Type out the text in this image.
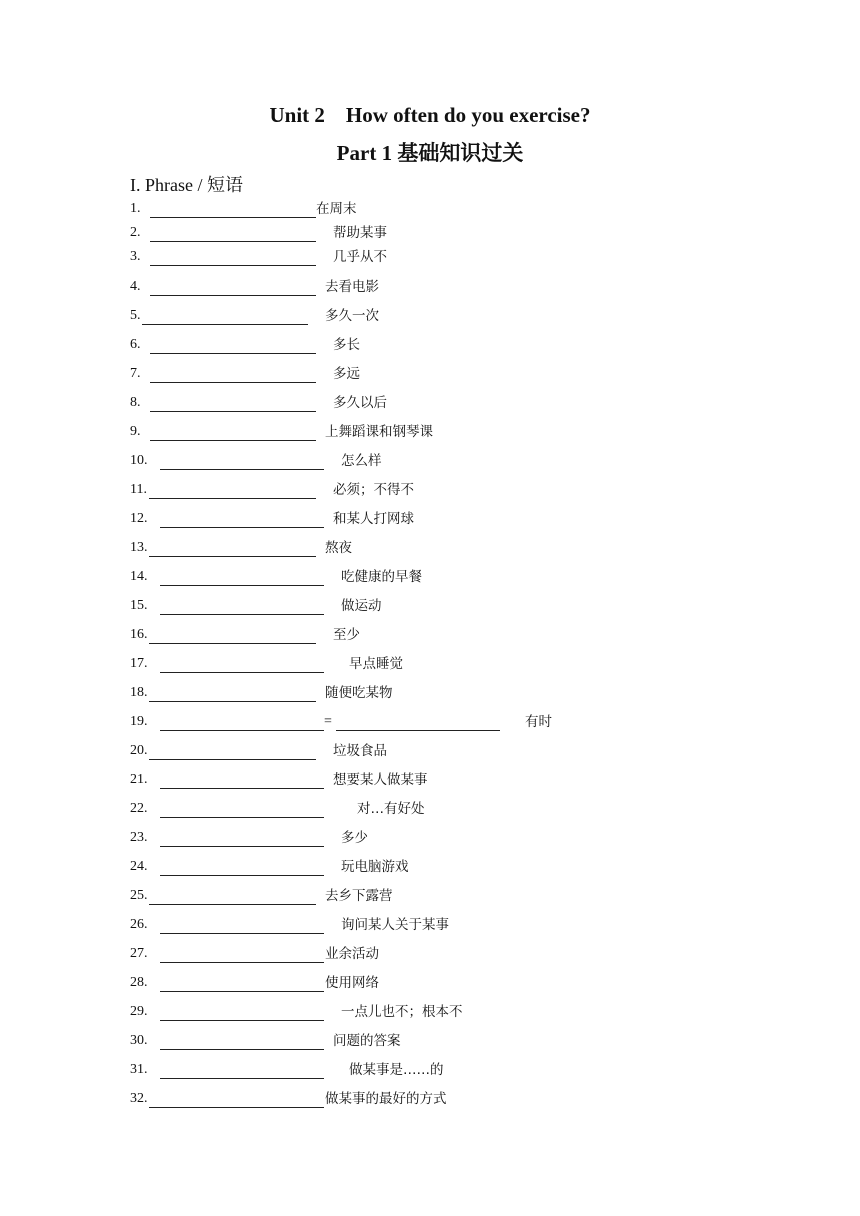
Unit 2    How often do you exercise?
Part 1 基础知识过关
I. Phrase / 短语
1.	在周末
2.	帮助某事
3.	几乎从不
4.	去看电影
5.	多久一次
6.	多长
7.	多远
8.	多久以后
9.	上舞蹈课和钢琴课
10.	怎么样
11.	必须；不得不
12.	和某人打网球
13.	熬夜
14.	吃健康的早餐
15.	做运动
16.	至少
17.	早点睡觉
18.	随便吃某物
19.	=	有时
20.	垃圾食品
21.	想要某人做某事
22.	对…有好处
23.	多少
24.	玩电脑游戏
25.	去乡下露营
26.	询问某人关于某事
27.	业余活动
28.	使用网络
29.	一点儿也不；根本不
30.	问题的答案
31.	做某事是……的
32.	做某事的最好的方式
